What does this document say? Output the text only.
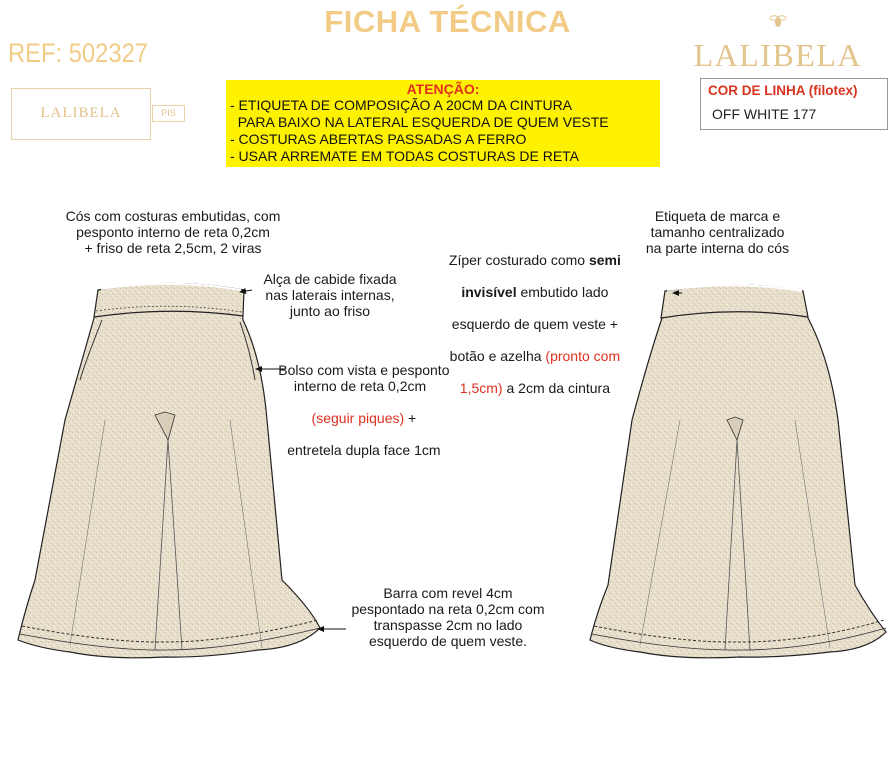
FICHA TÉCNICA
REF: 502327	LALIBELA
LALIBELA	PIS
ATENÇÃO:
- ETIQUETA DE COMPOSIÇÃO A 20CM DA CINTURA
PARA BAIXO NA LATERAL ESQUERDA DE QUEM VESTE
- COSTURAS ABERTAS PASSADAS A FERRO
- USAR ARREMATE EM TODAS COSTURAS DE RETA
COR DE LINHA (filotex)
OFF WHITE 177
Cós com costuras embutidas, com
pesponto interno de reta 0,2cm
+ friso de reta 2,5cm, 2 viras
Alça de cabide fixada
nas laterais internas,
junto ao friso

Bolso com vista e pesponto
interno de reta 0,2cm

(seguir piques) +

entretela dupla face 1cm

Barra com revel 4cm
pespontado na reta 0,2cm com
transpasse 2cm no lado
esquerdo de quem veste.

Zíper costurado como semi

invisível embutido lado

esquerdo de quem veste +

botão e azelha (pronto com

1,5cm) a 2cm da cintura

Etiqueta de marca e
tamanho centralizado
na parte interna do cós
